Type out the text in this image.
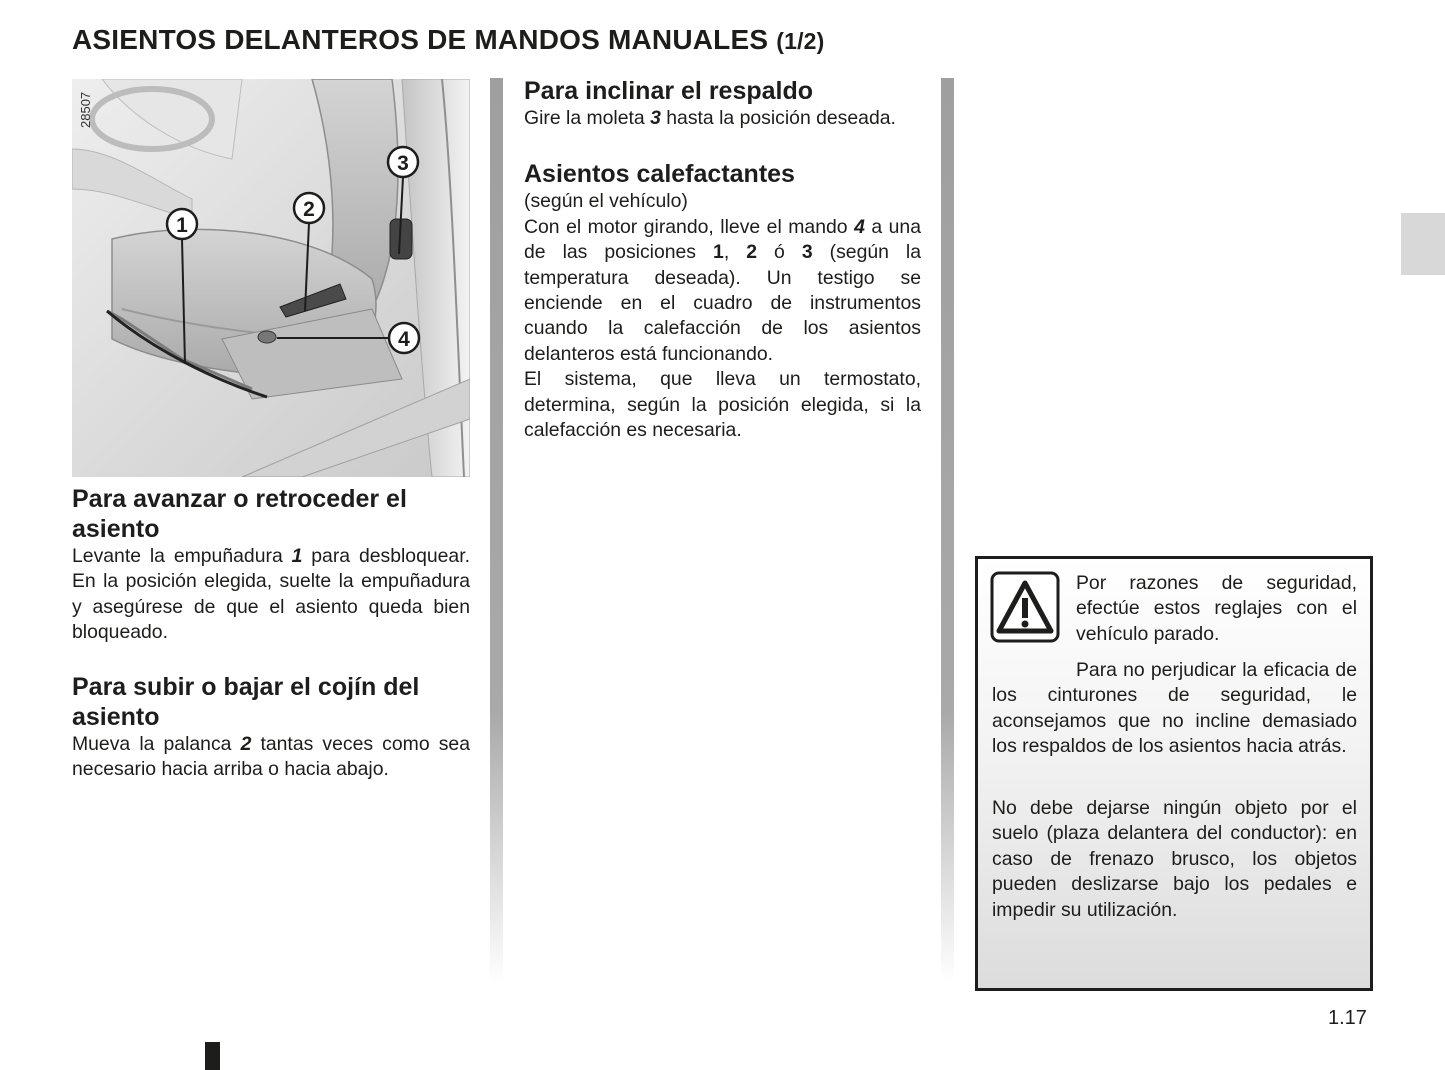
ASIENTOS DELANTEROS DE MANDOS MANUALES (1/2)
1
2
3
4
28507
Para avanzar o retroceder el asiento

Levante la empuñadura 1 para desbloquear. En la posición elegida, suelte la empuñadura y asegúrese de que el asiento queda bien bloqueado.

Para subir o bajar el cojín del asiento

Mueva la palanca 2 tantas veces como sea necesario hacia arriba o hacia abajo.

Para inclinar el respaldo

Gire la moleta 3 hasta la posición deseada.

Asientos calefactantes

(según el vehículo)

Con el motor girando, lleve el mando 4 a una de las posiciones 1, 2 ó 3 (según la temperatura deseada). Un testigo se enciende en el cuadro de instrumentos cuando la calefacción de los asientos delanteros está funcionando.

El sistema, que lleva un termostato, determina, según la posición elegida, si la calefacción es necesaria.

Por razones de seguridad, efectúe estos reglajes con el vehículo parado.

Para no perjudicar la eficacia de los cinturones de seguridad, le aconsejamos que no incline demasiado los respaldos de los asientos hacia atrás.

No debe dejarse ningún objeto por el suelo (plaza delantera del conductor): en caso de frenazo brusco, los objetos pueden deslizarse bajo los pedales e impedir su utilización.

1.17
